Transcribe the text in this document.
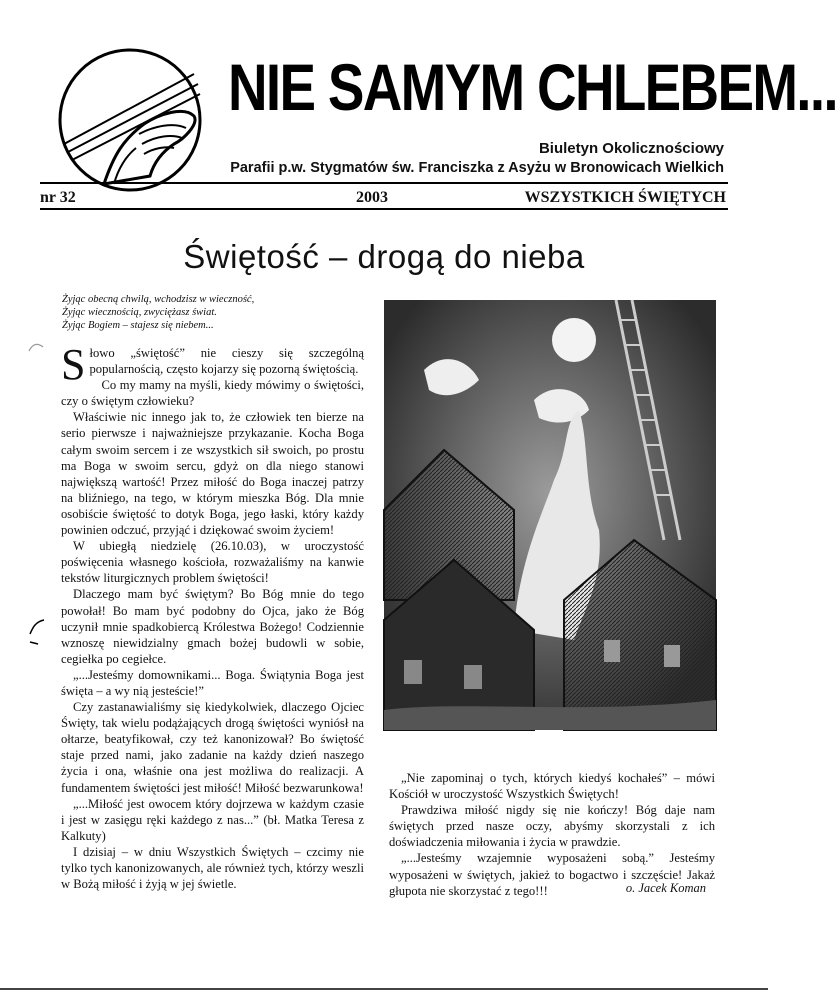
NIE SAMYM CHLEBEM...
Biuletyn Okolicznościowy
Parafii p.w. Stygmatów św. Franciszka z Asyżu w Bronowicach Wielkich
nr 32	2003	WSZYSTKICH ŚWIĘTYCH
Świętość – drogą do nieba
Żyjąc obecną chwilą, wchodzisz w wieczność,
Żyjąc wiecznością, zwyciężasz świat.
Żyjąc Bogiem – stajesz się niebem...

Słowo „świętość” nie cieszy się szczególną popularnością, często kojarzy się pozorną świętością.

Co my mamy na myśli, kiedy mówimy o świętości, czy o świętym człowieku?

Właściwie nic innego jak to, że człowiek ten bierze na serio pierwsze i najważniejsze przykazanie. Kocha Boga całym swoim sercem i ze wszystkich sił swoich, po prostu ma Boga w swoim sercu, gdyż on dla niego stanowi największą wartość! Przez miłość do Boga inaczej patrzy na bliźniego, na tego, w którym mieszka Bóg. Dla mnie osobiście świętość to dotyk Boga, jego łaski, który każdy powinien odczuć, przyjąć i dziękować swoim życiem!

W ubiegłą niedzielę (26.10.03), w uroczystość poświęcenia własnego kościoła, rozważaliśmy na kanwie tekstów liturgicznych problem świętości!

Dlaczego mam być świętym? Bo Bóg mnie do tego powołał! Bo mam być podobny do Ojca, jako że Bóg uczynił mnie spadkobiercą Królestwa Bożego! Codziennie wznoszę niewidzialny gmach bożej budowli w sobie, cegiełka po cegiełce.

„...Jesteśmy domownikami... Boga. Świątynia Boga jest święta – a wy nią jesteście!”

Czy zastanawialiśmy się kiedykolwiek, dlaczego Ojciec Święty, tak wielu podążających drogą świętości wyniósł na ołtarze, beatyfikował, czy też kanonizował? Bo świętość staje przed nami, jako zadanie na każdy dzień naszego życia i ona, właśnie ona jest możliwa do realizacji. A fundamentem świętości jest miłość! Miłość bezwarunkowa!

„...Miłość jest owocem który dojrzewa w każdym czasie i jest w zasięgu ręki każdego z nas...” (bł. Matka Teresa z Kalkuty)

I dzisiaj – w dniu Wszystkich Świętych – czcimy nie tylko tych kanonizowanych, ale również tych, którzy weszli w Bożą miłość i żyją w jej świetle.

„Nie zapominaj o tych, których kiedyś kochałeś” – mówi Kościół w uroczystość Wszystkich Świętych!

Prawdziwa miłość nigdy się nie kończy! Bóg daje nam świętych przed nasze oczy, abyśmy skorzystali z ich doświadczenia miłowania i życia w prawdzie.

„...Jesteśmy wzajemnie wyposażeni sobą.” Jesteśmy wyposażeni w świętych, jakież to bogactwo i szczęście! Jakaż głupota nie skorzystać z tego!!!	o. Jacek Koman
